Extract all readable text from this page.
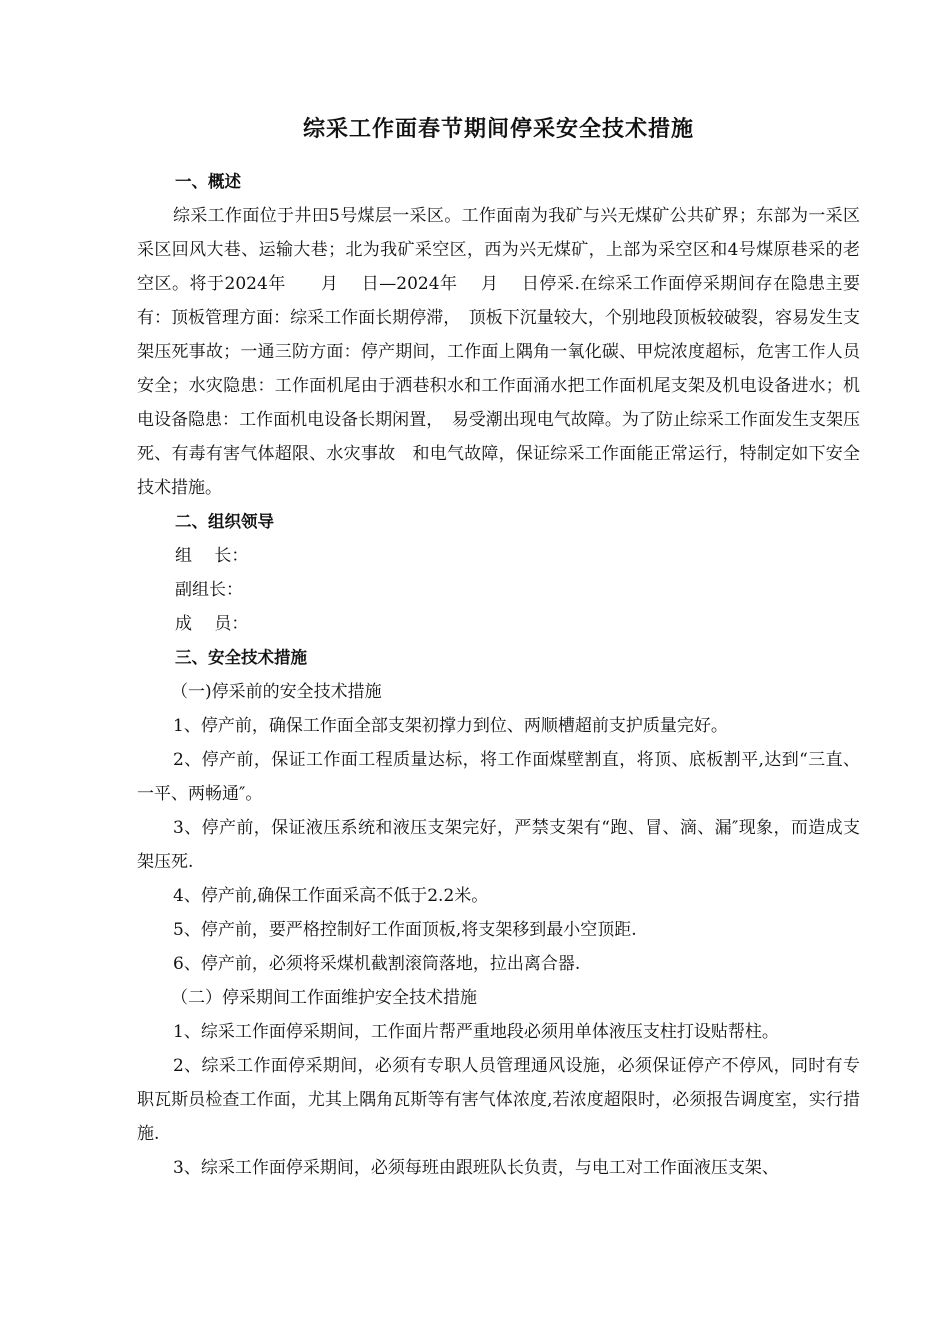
综采工作面春节期间停采安全技术措施
一、概述

综采工作面位于井田5号煤层一采区。工作面南为我矿与兴无煤矿公共矿界；东部为一采区采区回风大巷、运输大巷；北为我矿采空区，西为兴无煤矿，上部为采空区和4号煤原巷采的老空区。将于2024年　　月　 日—2024年　 月　 日停采.在综采工作面停采期间存在隐患主要有：顶板管理方面：综采工作面长期停滞，　顶板下沉量较大，个别地段顶板较破裂，容易发生支架压死事故；一通三防方面：停产期间，工作面上隅角一氧化碳、甲烷浓度超标，危害工作人员安全；水灾隐患：工作面机尾由于洒巷积水和工作面涌水把工作面机尾支架及机电设备进水；机电设备隐患：工作面机电设备长期闲置，　易受潮出现电气故障。为了防止综采工作面发生支架压死、有毒有害气体超限、水灾事故　和电气故障，保证综采工作面能正常运行，特制定如下安全技术措施。

二、组织领导
组　 长：
副组长：
成　 员：
三、安全技术措施
（一)停采前的安全技术措施

1、停产前，确保工作面全部支架初撑力到位、两顺槽超前支护质量完好。

2、停产前，保证工作面工程质量达标，将工作面煤壁割直，将顶、底板割平,达到“三直、一平、两畅通″。

3、停产前，保证液压系统和液压支架完好，严禁支架有“跑、冒、滴、漏″现象，而造成支架压死.

4、停产前,确保工作面采高不低于2.2米。

5、停产前，要严格控制好工作面顶板,将支架移到最小空顶距.

6、停产前，必须将采煤机截割滚筒落地，拉出离合器.

（二）停采期间工作面维护安全技术措施

1、综采工作面停采期间，工作面片帮严重地段必须用单体液压支柱打设贴帮柱。

2、综采工作面停采期间，必须有专职人员管理通风设施，必须保证停产不停风，同时有专职瓦斯员检查工作面，尤其上隅角瓦斯等有害气体浓度,若浓度超限时，必须报告调度室，实行措施.

3、综采工作面停采期间，必须每班由跟班队长负责，与电工对工作面液压支架、
